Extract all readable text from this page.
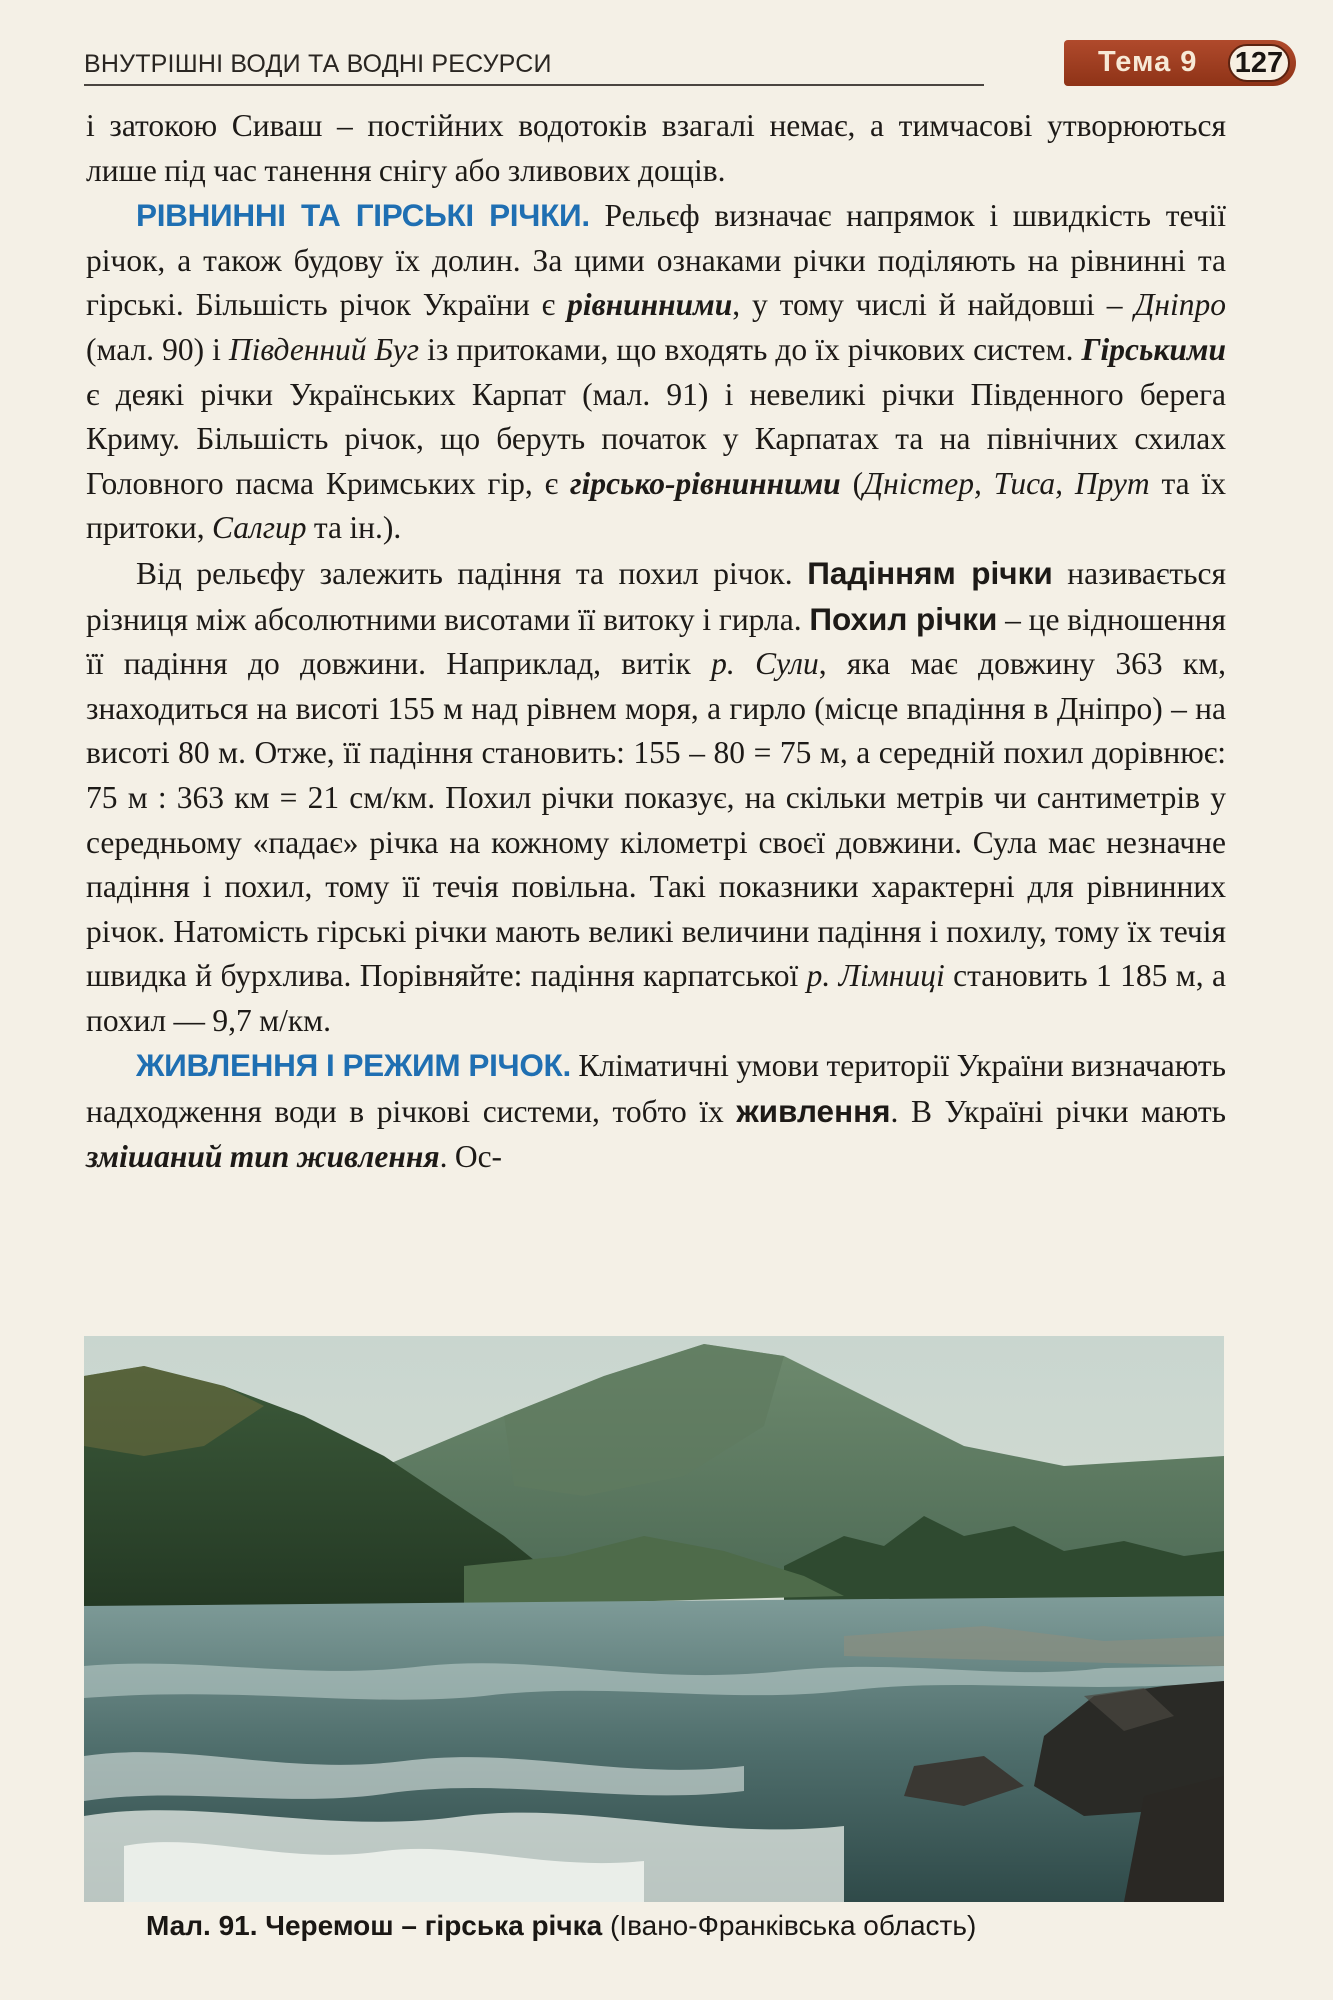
ВНУТРІШНІ ВОДИ ТА ВОДНІ РЕСУРСИ	Тема 9 127

і затокою Сиваш – постійних водотоків взагалі немає, а тимчасові утворюються лише під час танення снігу або зливових дощів.

РІВНИННІ ТА ГІРСЬКІ РІЧКИ. Рельєф визначає напрямок і швидкість течії річок, а також будову їх долин. За цими ознаками річки поділяють на рівнинні та гірські. Більшість річок України є рівнинними, у тому числі й найдовші – Дніпро (мал. 90) і Південний Буг із притоками, що входять до їх річкових систем. Гірськими є деякі річки Українських Карпат (мал. 91) і невеликі річки Південного берега Криму. Більшість річок, що беруть початок у Карпатах та на північних схилах Головного пасма Кримських гір, є гірсько-рівнинними (Дністер, Тиса, Прут та їх притоки, Салгир та ін.).

Від рельєфу залежить падіння та похил річок. Падінням річки називається різниця між абсолютними висотами її витоку і гирла. Похил річки – це відношення її падіння до довжини. Наприклад, витік р. Сули, яка має довжину 363 км, знаходиться на висоті 155 м над рівнем моря, а гирло (місце впадіння в Дніпро) – на висоті 80 м. Отже, її падіння становить: 155 – 80 = 75 м, а середній похил дорівнює: 75 м : 363 км = 21 см/км. Похил річки показує, на скільки метрів чи сантиметрів у середньому «падає» річка на кожному кілометрі своєї довжини. Сула має незначне падіння і похил, тому її течія повільна. Такі показники характерні для рівнинних річок. Натомість гірські річки мають великі величини падіння і похилу, тому їх течія швидка й бурхлива. Порівняйте: падіння карпатської р. Лімниці становить 1 185 м, а похил — 9,7 м/км.

ЖИВЛЕННЯ І РЕЖИМ РІЧОК. Кліматичні умови території України визначають надходження води в річкові системи, тобто їх живлення. В Україні річки мають змішаний тип живлення. Ос-

Мал. 91. Черемош – гірська річка (Івано-Франківська область)
